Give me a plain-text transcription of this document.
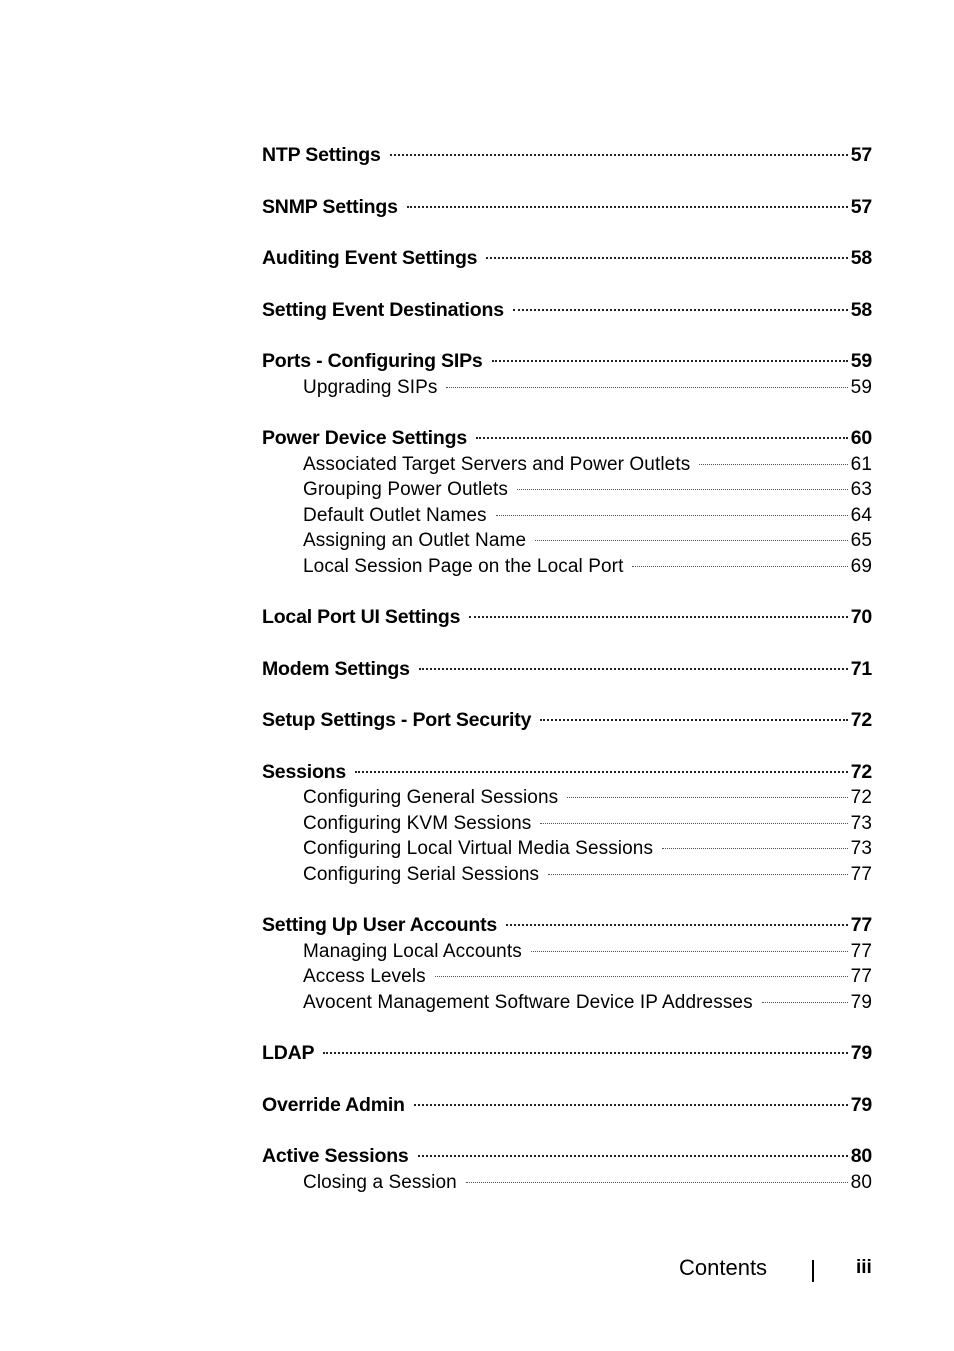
NTP Settings	57
SNMP Settings	57
Auditing Event Settings	58
Setting Event Destinations	58
Ports - Configuring SIPs	59
Upgrading SIPs	59
Power Device Settings	60
Associated Target Servers and Power Outlets	61
Grouping Power Outlets	63
Default Outlet Names	64
Assigning an Outlet Name	65
Local Session Page on the Local Port	69
Local Port UI Settings	70
Modem Settings	71
Setup Settings - Port Security	72
Sessions	72
Configuring General Sessions	72
Configuring KVM Sessions	73
Configuring Local Virtual Media Sessions	73
Configuring Serial Sessions	77
Setting Up User Accounts	77
Managing Local Accounts	77
Access Levels	77
Avocent Management Software Device IP Addresses	79
LDAP	79
Override Admin	79
Active Sessions	80
Closing a Session	80
Contents	iii
